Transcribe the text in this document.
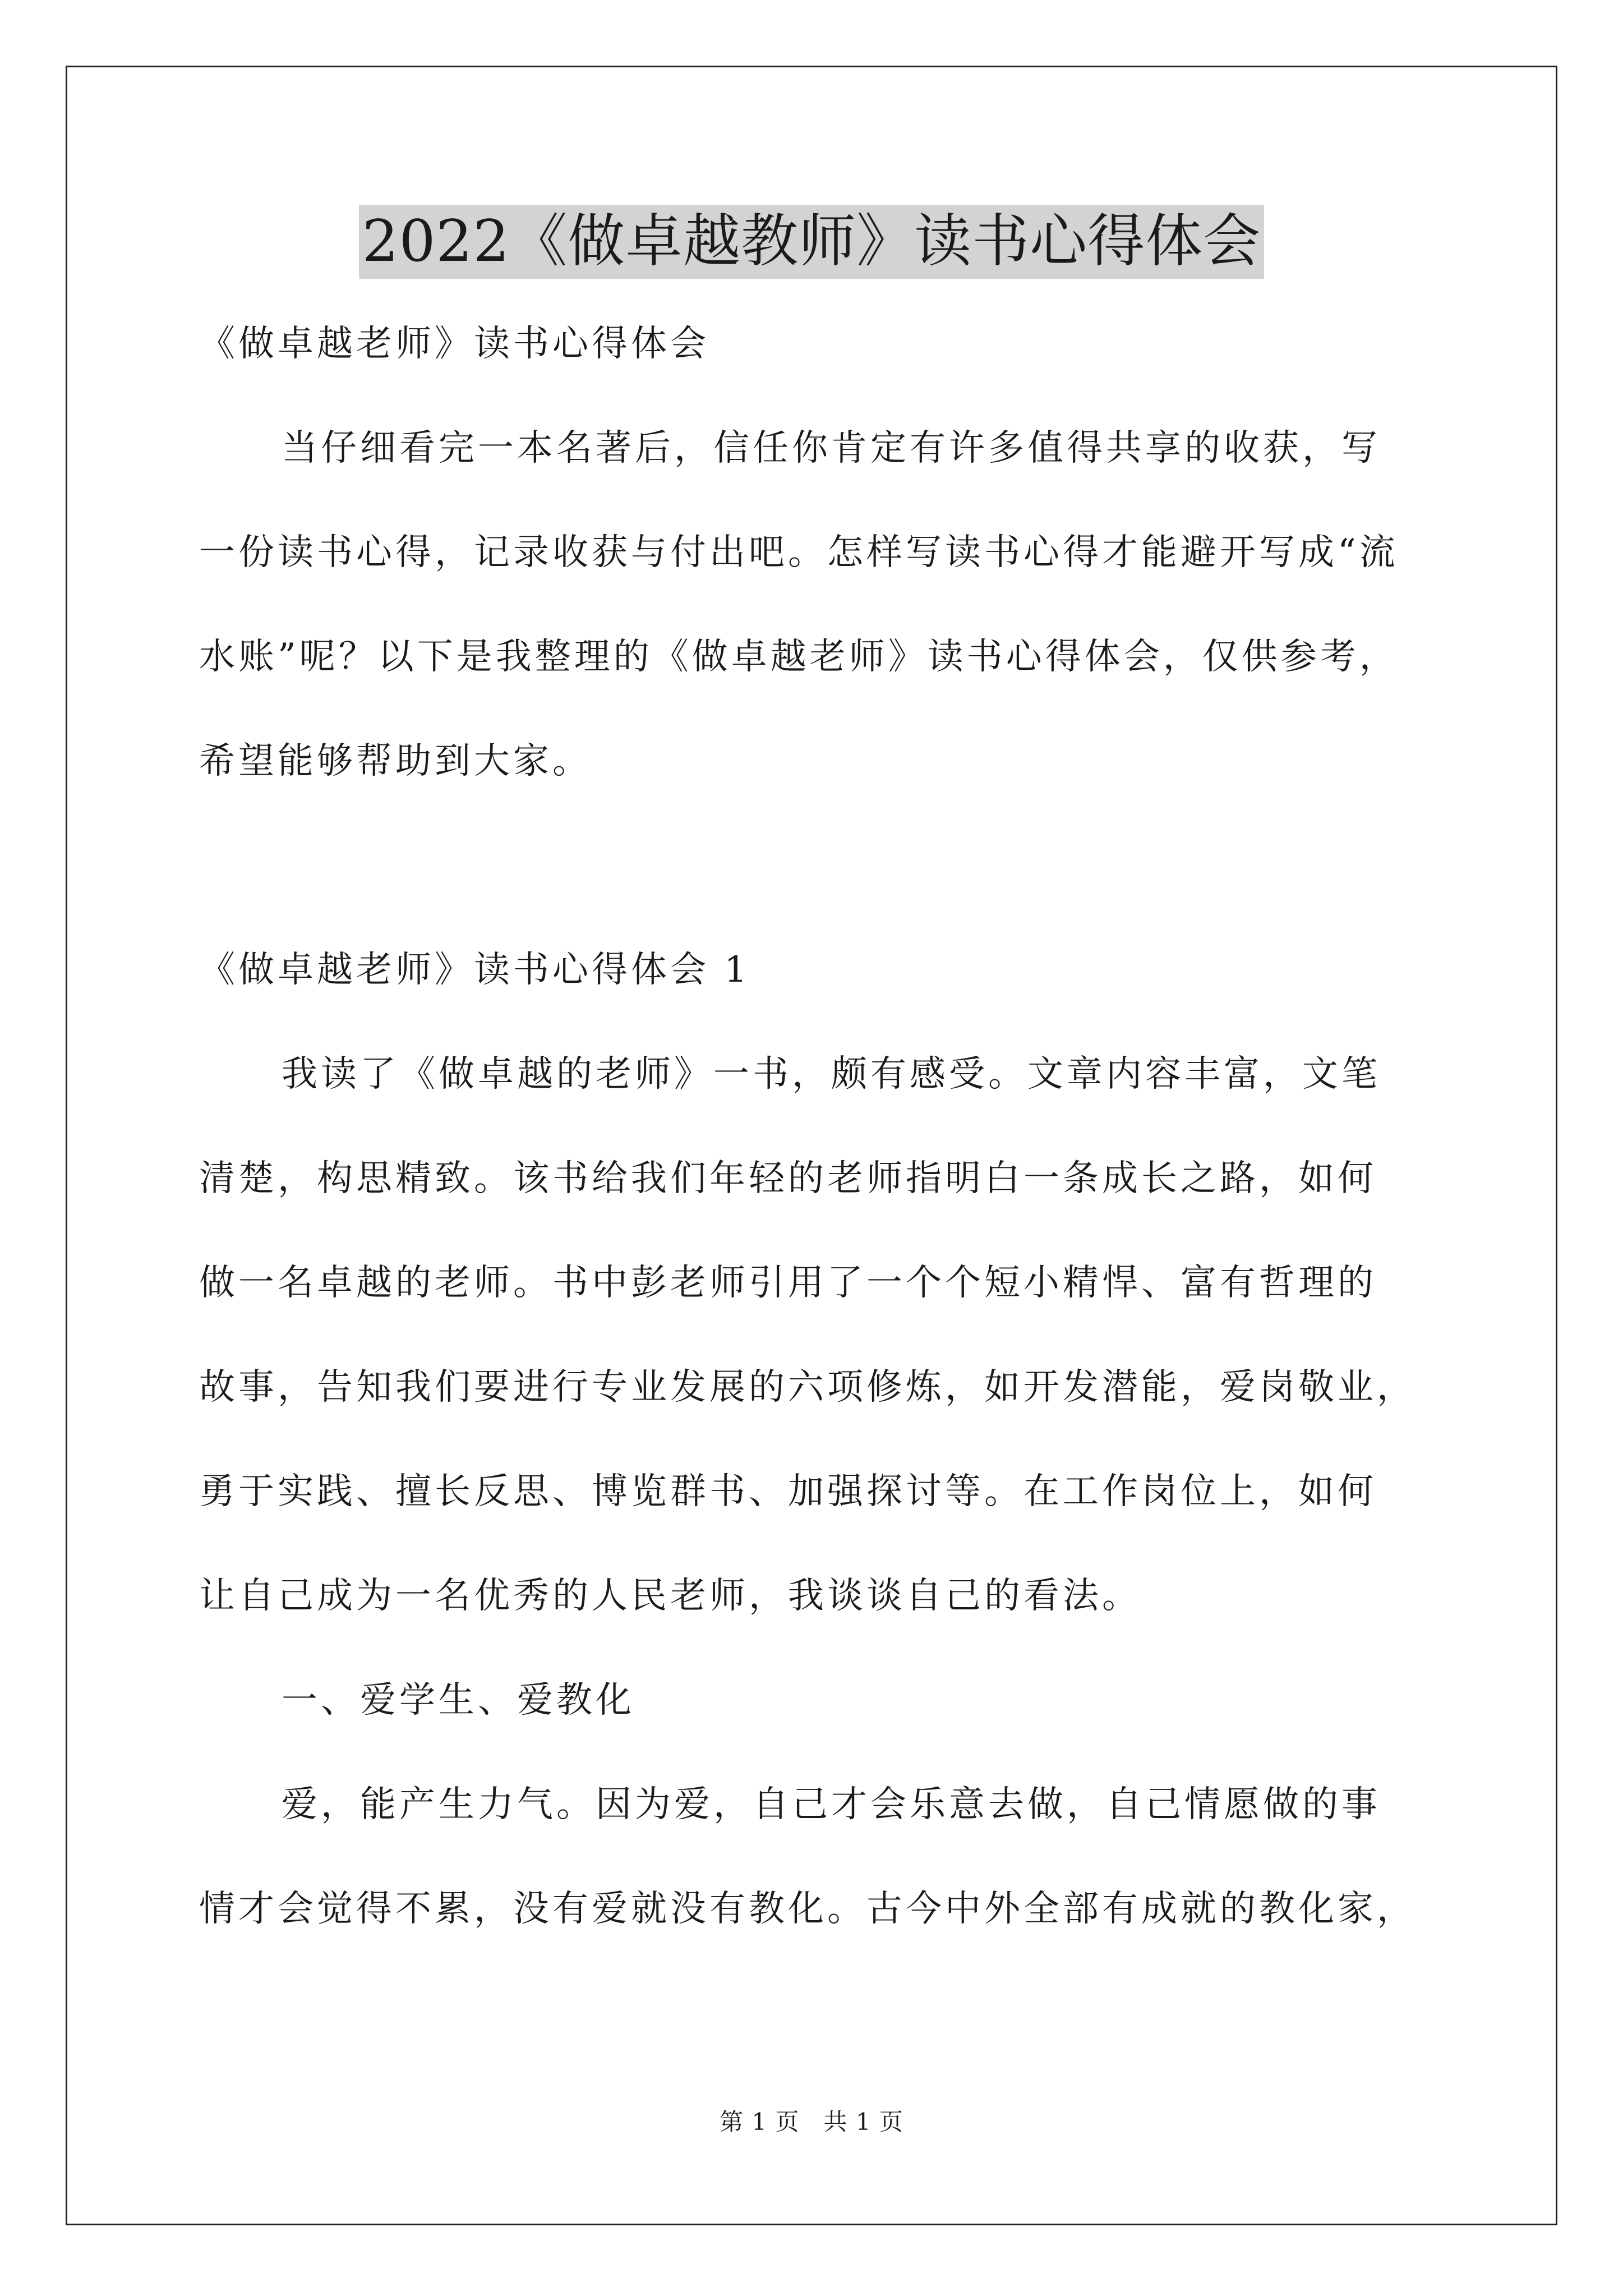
2022《做卓越教师》读书心得体会
《做卓越老师》读书心得体会
当仔细看完一本名著后，信任你肯定有许多值得共享的收获，写
一份读书心得，记录收获与付出吧。怎样写读书心得才能避开写成“流
水账”呢？以下是我整理的《做卓越老师》读书心得体会，仅供参考，
希望能够帮助到大家。
《做卓越老师》读书心得体会 1
我读了《做卓越的老师》一书，颇有感受。文章内容丰富，文笔
清楚，构思精致。该书给我们年轻的老师指明白一条成长之路，如何
做一名卓越的老师。书中彭老师引用了一个个短小精悍、富有哲理的
故事，告知我们要进行专业发展的六项修炼，如开发潜能，爱岗敬业，
勇于实践、擅长反思、博览群书、加强探讨等。在工作岗位上，如何
让自己成为一名优秀的人民老师，我谈谈自己的看法。
一、爱学生、爱教化
爱，能产生力气。因为爱，自己才会乐意去做，自己情愿做的事
情才会觉得不累，没有爱就没有教化。古今中外全部有成就的教化家，
第 1 页　共 1 页
